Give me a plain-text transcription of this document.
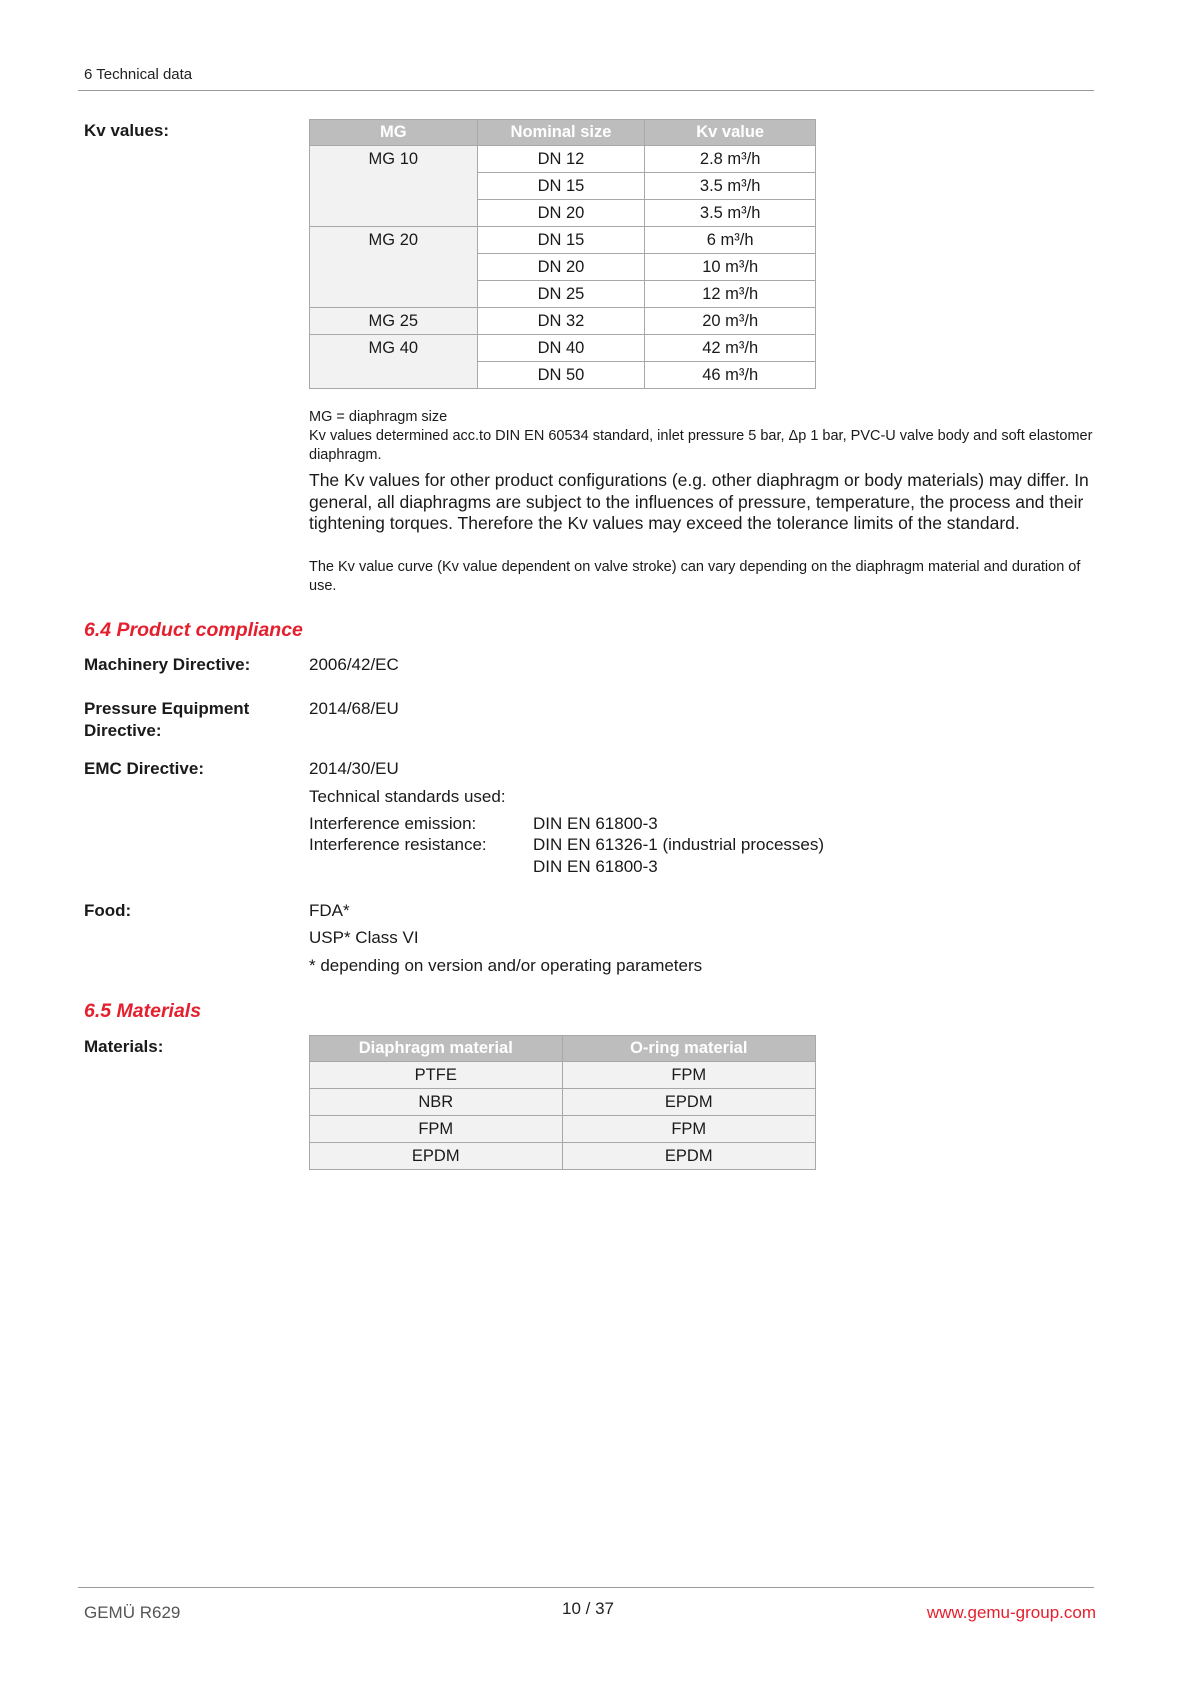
6 Technical data
Kv values:	MG	Nominal size	Kv value
MG 10	DN 12	2.8 m³/h
	DN 15	3.5 m³/h
	DN 20	3.5 m³/h
MG 20	DN 15	6 m³/h
	DN 20	10 m³/h
	DN 25	12 m³/h
MG 25	DN 32	20 m³/h
MG 40	DN 40	42 m³/h
	DN 50	46 m³/h
MG = diaphragm size
Kv values determined acc.to DIN EN 60534 standard, inlet pressure 5 bar, Δp 1 bar, PVC-U valve body and soft elastomer diaphragm.
The Kv values for other product configurations (e.g. other diaphragm or body materials) may differ. In general, all diaphragms are subject to the influences of pressure, temperature, the process and their tightening torques. Therefore the Kv values may exceed the tolerance limits of the standard.
The Kv value curve (Kv value dependent on valve stroke) can vary depending on the diaphragm material and duration of use.
6.4 Product compliance
Machinery Directive:	2006/42/EC
Pressure Equipment
Directive:
2014/68/EU
EMC Directive:	2014/30/EU
Technical standards used:
Interference emission:	DIN EN 61800-3
Interference resistance:	DIN EN 61326-1 (industrial processes)
DIN EN 61800-3
Food:	FDA*
USP* Class VI
* depending on version and/or operating parameters
6.5 Materials
Materials:	Diaphragm material	O-ring material
PTFE	FPM
NBR	EPDM
FPM	FPM
EPDM	EPDM
GEMÜ R629	10 / 37	www.gemu-group.com
